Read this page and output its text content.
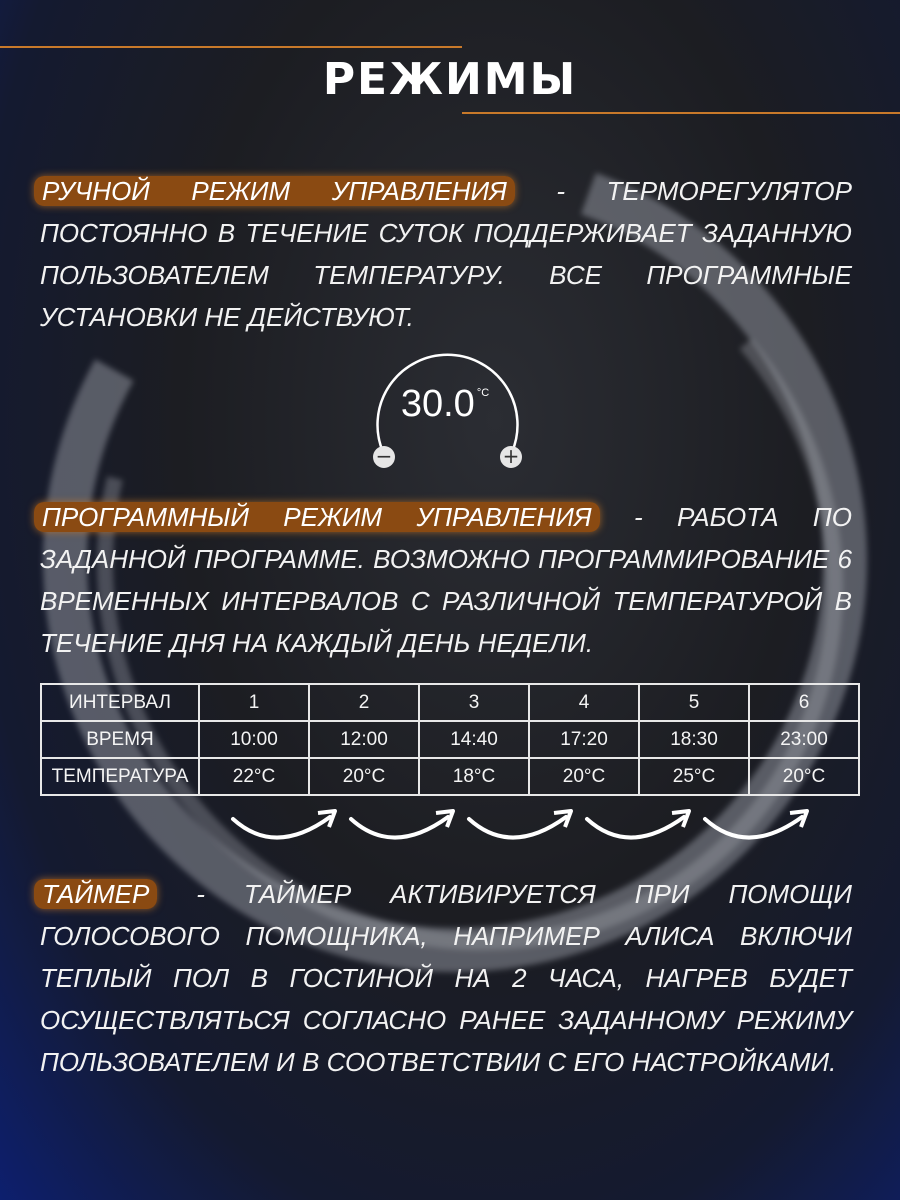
РЕЖИМЫ
РУЧНОЙ РЕЖИМ УПРАВЛЕНИЯ - ТЕРМОРЕГУЛЯТОР ПОСТОЯННО В ТЕЧЕНИЕ СУТОК ПОДДЕРЖИВАЕТ ЗАДАННУЮ ПОЛЬЗОВАТЕЛЕМ ТЕМПЕРАТУРУ. ВСЕ ПРОГРАММНЫЕ УСТАНОВКИ НЕ ДЕЙСТВУЮТ.
30.0 $^{^\circ C}$
−	+
ПРОГРАММНЫЙ РЕЖИМ УПРАВЛЕНИЯ - РАБОТА ПО ЗАДАННОЙ ПРОГРАММЕ. ВОЗМОЖНО ПРОГРАММИРОВАНИЕ 6 ВРЕМЕННЫХ ИНТЕРВАЛОВ С РАЗЛИЧНОЙ ТЕМПЕРАТУРОЙ В ТЕЧЕНИЕ ДНЯ НА КАЖДЫЙ ДЕНЬ НЕДЕЛИ.
ИНТЕРВАЛ	1	2	3	4	5	6
ВРЕМЯ	10:00	12:00	14:40	17:20	18:30	23:00
ТЕМПЕРАТУРА	22°C	20°C	18°C	20°C	25°C	20°C
ТАЙМЕР - ТАЙМЕР АКТИВИРУЕТСЯ ПРИ ПОМОЩИ ГОЛОСОВОГО ПОМОЩНИКА, НАПРИМЕР АЛИСА ВКЛЮЧИ ТЕПЛЫЙ ПОЛ В ГОСТИНОЙ НА 2 ЧАСА, НАГРЕВ БУДЕТ ОСУЩЕСТВЛЯТЬСЯ СОГЛАСНО РАНЕЕ ЗАДАННОМУ РЕЖИМУ ПОЛЬЗОВАТЕЛЕМ И В СООТВЕТСТВИИ С ЕГО НАСТРОЙКАМИ.
